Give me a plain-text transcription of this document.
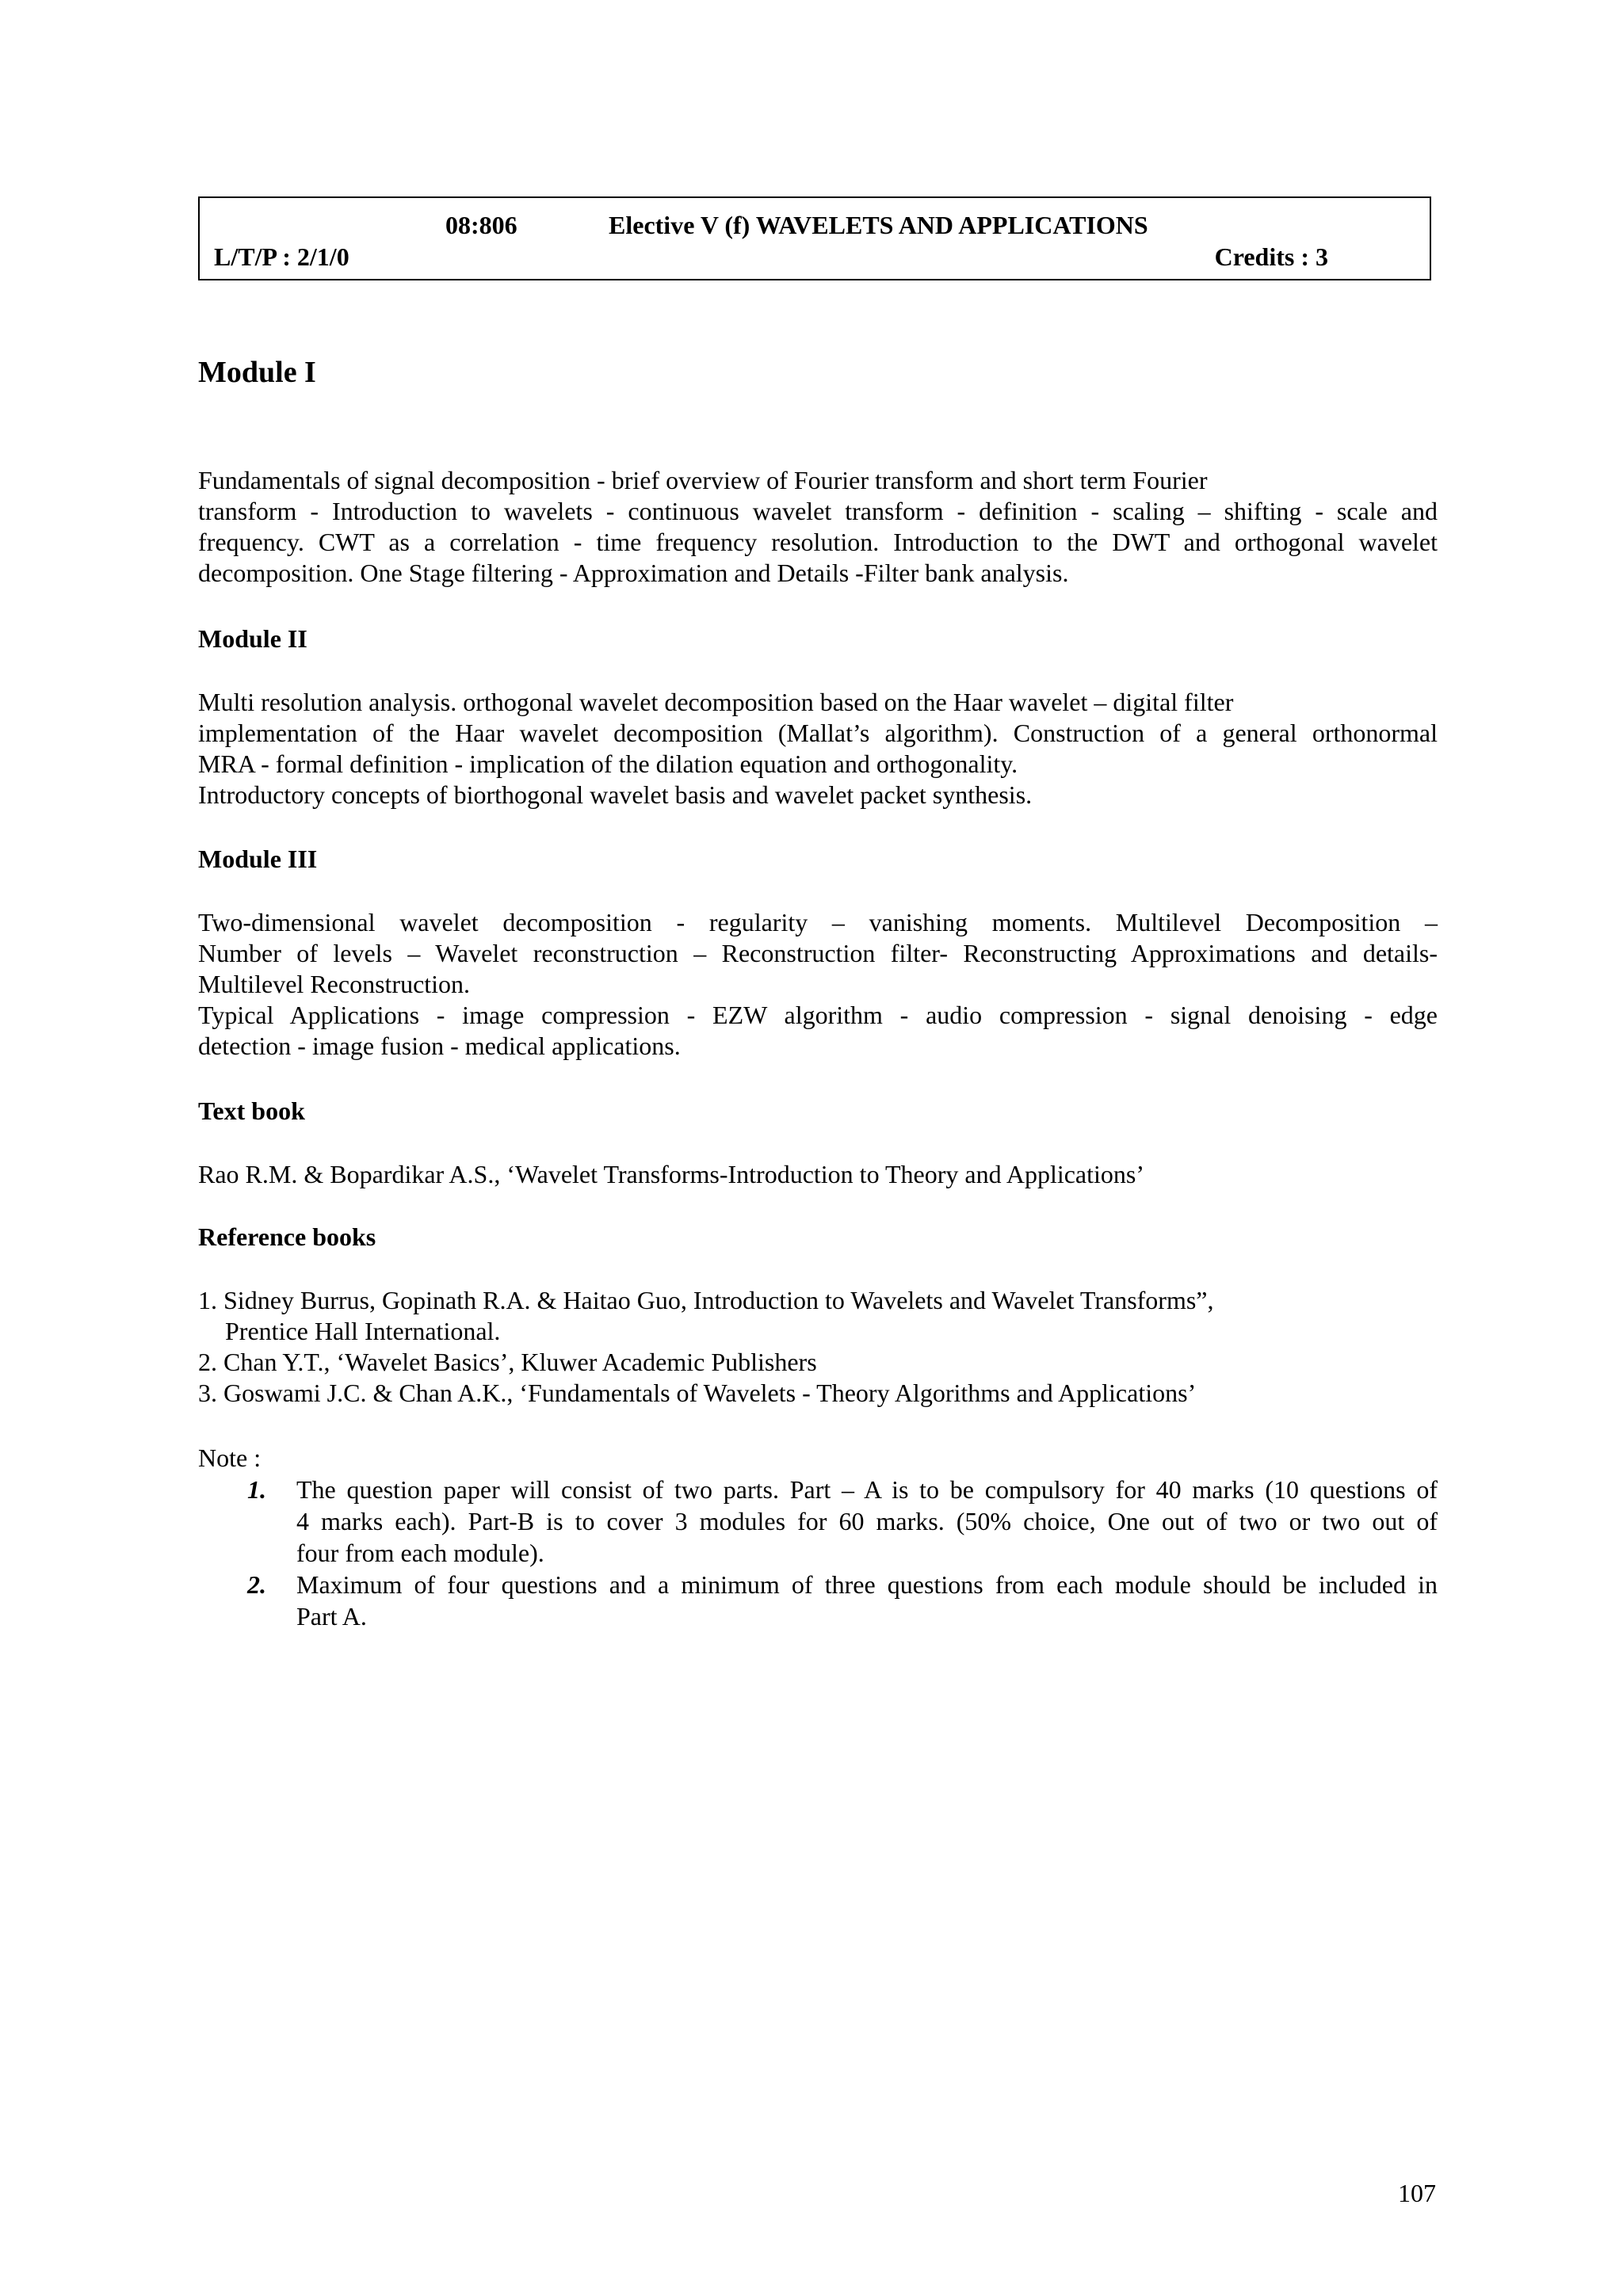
08:806	Elective V (f) WAVELETS AND APPLICATIONS
L/T/P : 2/1/0	Credits : 3
Module I
Fundamentals of signal decomposition - brief overview of Fourier transform and short term Fourier
transform - Introduction to wavelets - continuous wavelet transform - definition - scaling – shifting - scale and
frequency. CWT as a correlation - time frequency resolution. Introduction to the DWT and orthogonal wavelet
decomposition. One Stage filtering - Approximation and Details -Filter bank analysis.
Module II
Multi resolution analysis. orthogonal wavelet decomposition based on the Haar wavelet – digital filter
implementation of the Haar wavelet decomposition (Mallat’s algorithm). Construction of a general orthonormal
MRA - formal definition - implication of the dilation equation and orthogonality.
Introductory concepts of biorthogonal wavelet basis and wavelet packet synthesis.
Module III
Two-dimensional wavelet decomposition - regularity – vanishing moments. Multilevel Decomposition –
Number of levels – Wavelet reconstruction – Reconstruction filter- Reconstructing Approximations and details-
Multilevel Reconstruction.
Typical Applications - image compression - EZW algorithm - audio compression - signal denoising - edge
detection - image fusion - medical applications.
Text book
Rao R.M. & Bopardikar A.S., ‘Wavelet Transforms-Introduction to Theory and Applications’
Reference books
1. Sidney Burrus, Gopinath R.A. & Haitao Guo, Introduction to Wavelets and Wavelet Transforms”,
Prentice Hall International.
2. Chan Y.T., ‘Wavelet Basics’, Kluwer Academic Publishers
3. Goswami J.C. & Chan A.K., ‘Fundamentals of Wavelets - Theory Algorithms and Applications’
Note :
1. The question paper will consist of two parts. Part – A is to be compulsory for 40 marks (10 questions of
4 marks each). Part-B is to cover 3 modules for 60 marks. (50% choice, One out of two or two out of
four from each module).
2. Maximum of four questions and a minimum of three questions from each module should be included in
Part A.
107
